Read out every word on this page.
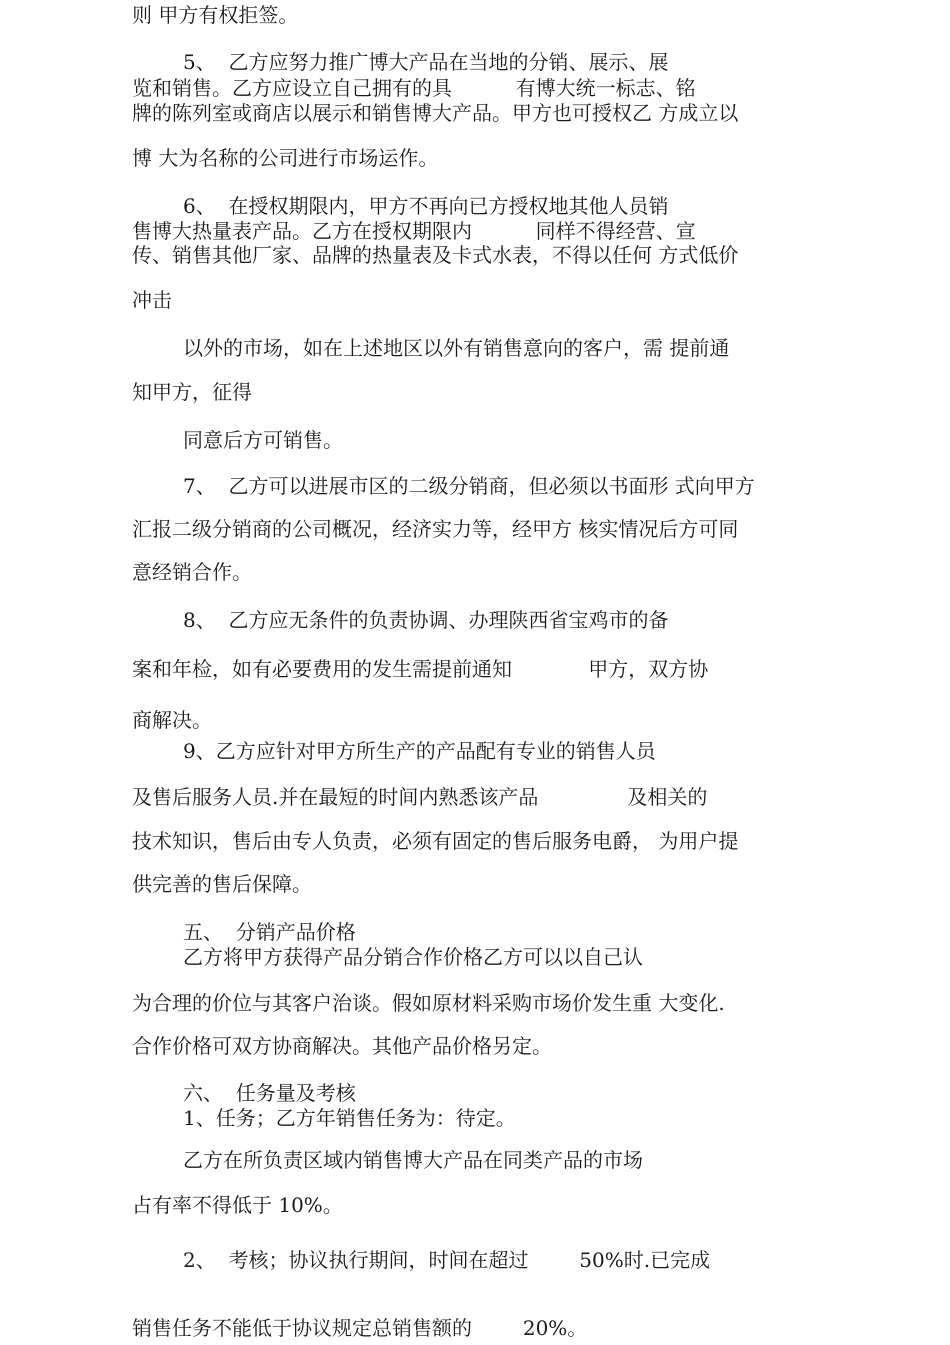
则 甲方有权拒签。

5、  乙方应努力推广博大产品在当地的分销、展示、展

览和销售。乙方应设立自己拥有的具          有博大统一标志、铭

牌的陈列室或商店以展示和销售博大产品。甲方也可授权乙 方成立以

博 大为名称的公司进行市场运作。

6、  在授权期限内，甲方不再向已方授权地其他人员销

售博大热量表产品。乙方在授权期限内          同样不得经营、宣

传、销售其他厂家、品牌的热量表及卡式水表，不得以任何 方式低价

冲击

以外的市场，如在上述地区以外有销售意向的客户，需 提前通

知甲方，征得

同意后方可销售。

7、  乙方可以进展市区的二级分销商，但必须以书面形 式向甲方

汇报二级分销商的公司概况，经济实力等，经甲方 核实情况后方可同

意经销合作。

8、  乙方应无条件的负责协调、办理陕西省宝鸡市的备

案和年检，如有必要费用的发生需提前通知            甲方，双方协

商解决。

9、乙方应针对甲方所生产的产品配有专业的销售人员

及售后服务人员.并在最短的时间内熟悉该产品              及相关的

技术知识，售后由专人负责，必须有固定的售后服务电爵， 为用户提

供完善的售后保障。

五、  分销产品价格

乙方将甲方获得产品分销合作价格乙方可以以自己认

为合理的价位与其客户治谈。假如原材料采购市场价发生重 大变化.

合作价格可双方协商解决。其他产品价格另定。

六、  任务量及考核

1、任务；乙方年销售任务为：待定。

乙方在所负责区域内销售博大产品在同类产品的市场

占有率不得低于 10%。

2、  考核；协议执行期间，时间在超过        50%时.已完成

销售任务不能低于协议规定总销售额的        20%。
